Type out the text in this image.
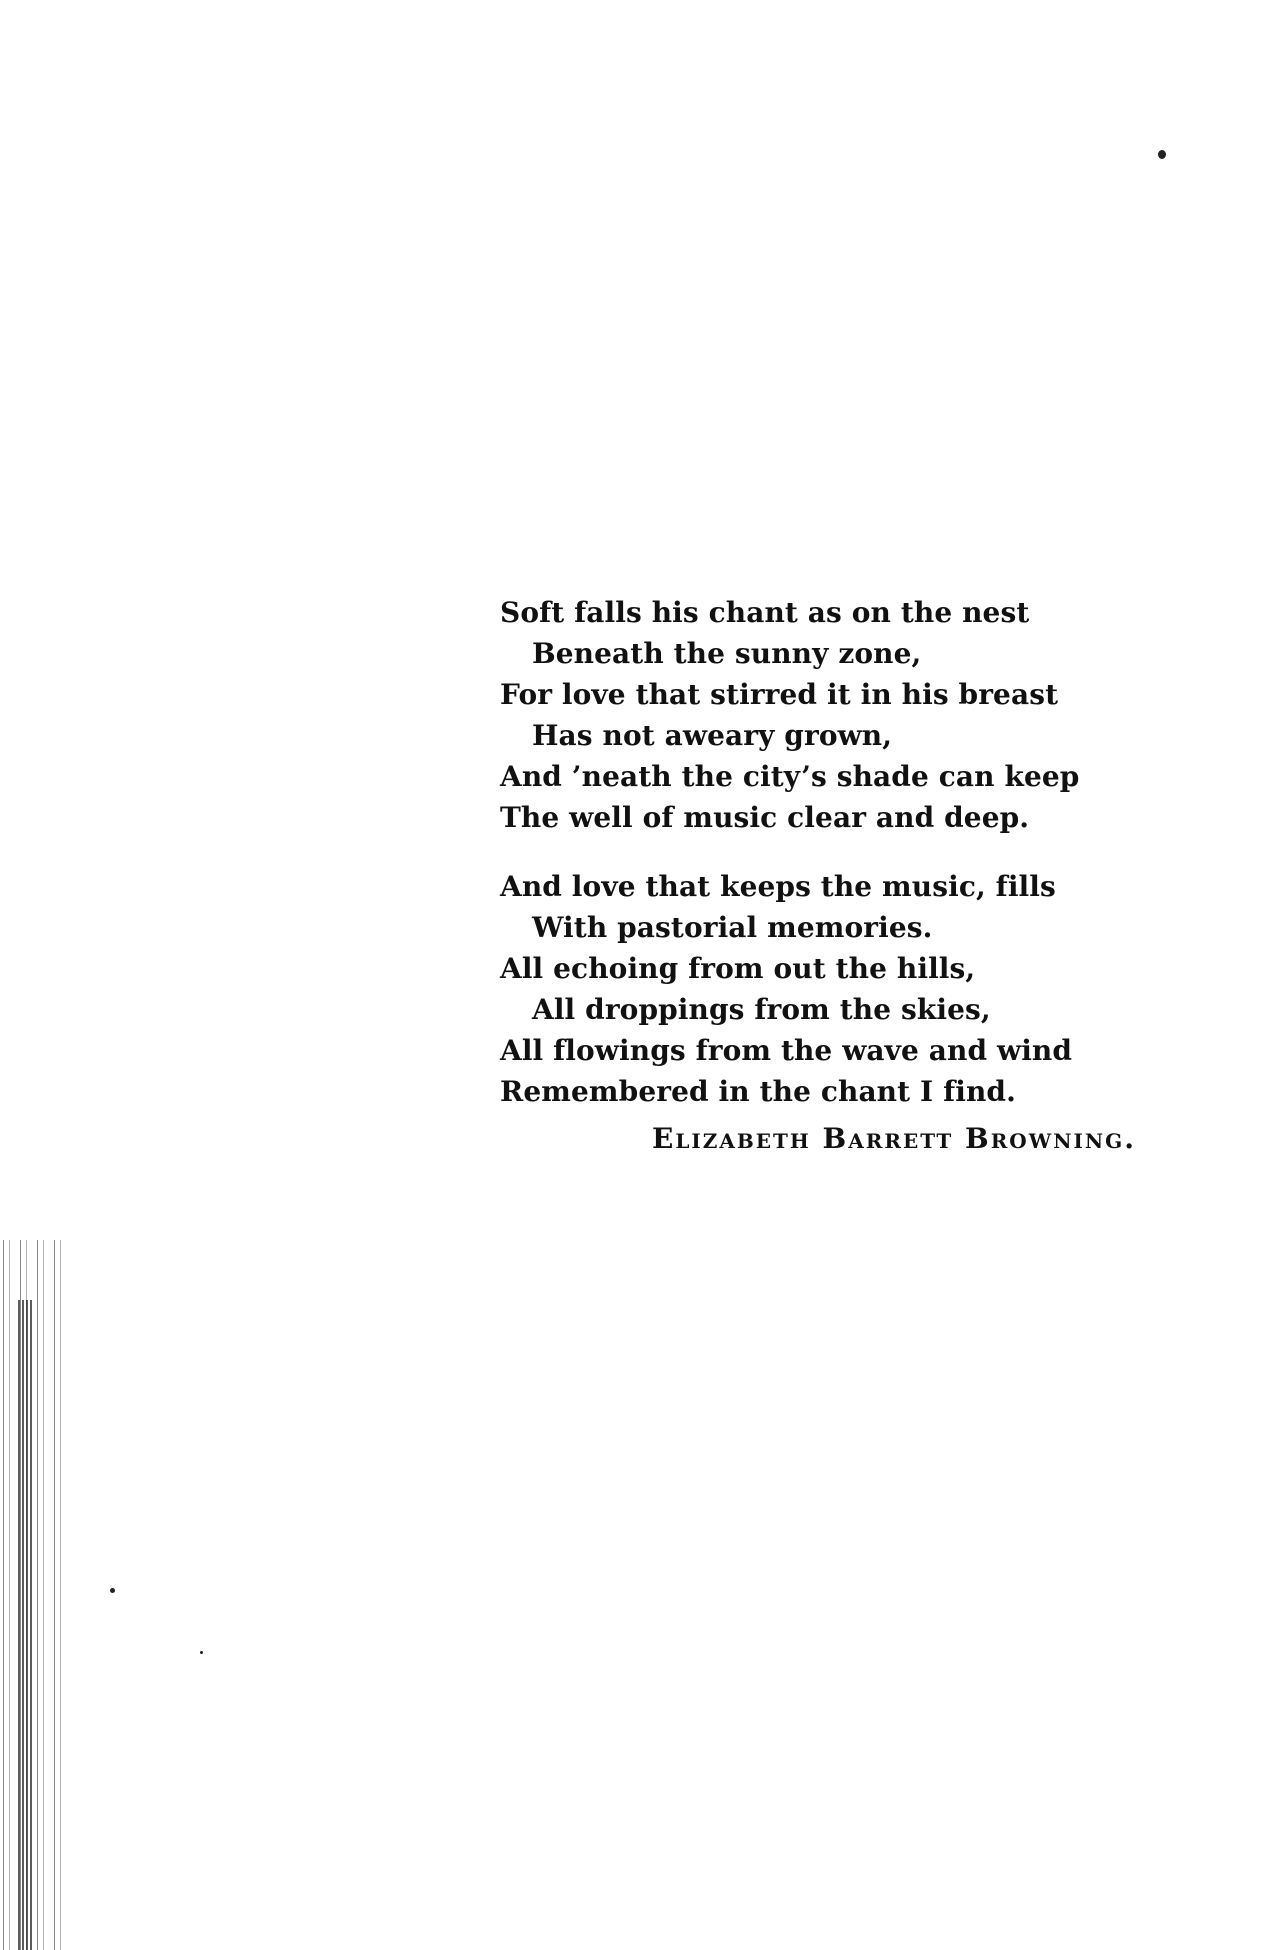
Soft falls his chant as on the nest
Beneath the sunny zone,
For love that stirred it in his breast
Has not aweary grown,
And ’neath the city’s shade can keep
The well of music clear and deep.
And love that keeps the music, fills
With pastorial memories.
All echoing from out the hills,
All droppings from the skies,
All flowings from the wave and wind
Remembered in the chant I find.
Elizabeth Barrett Browning.
